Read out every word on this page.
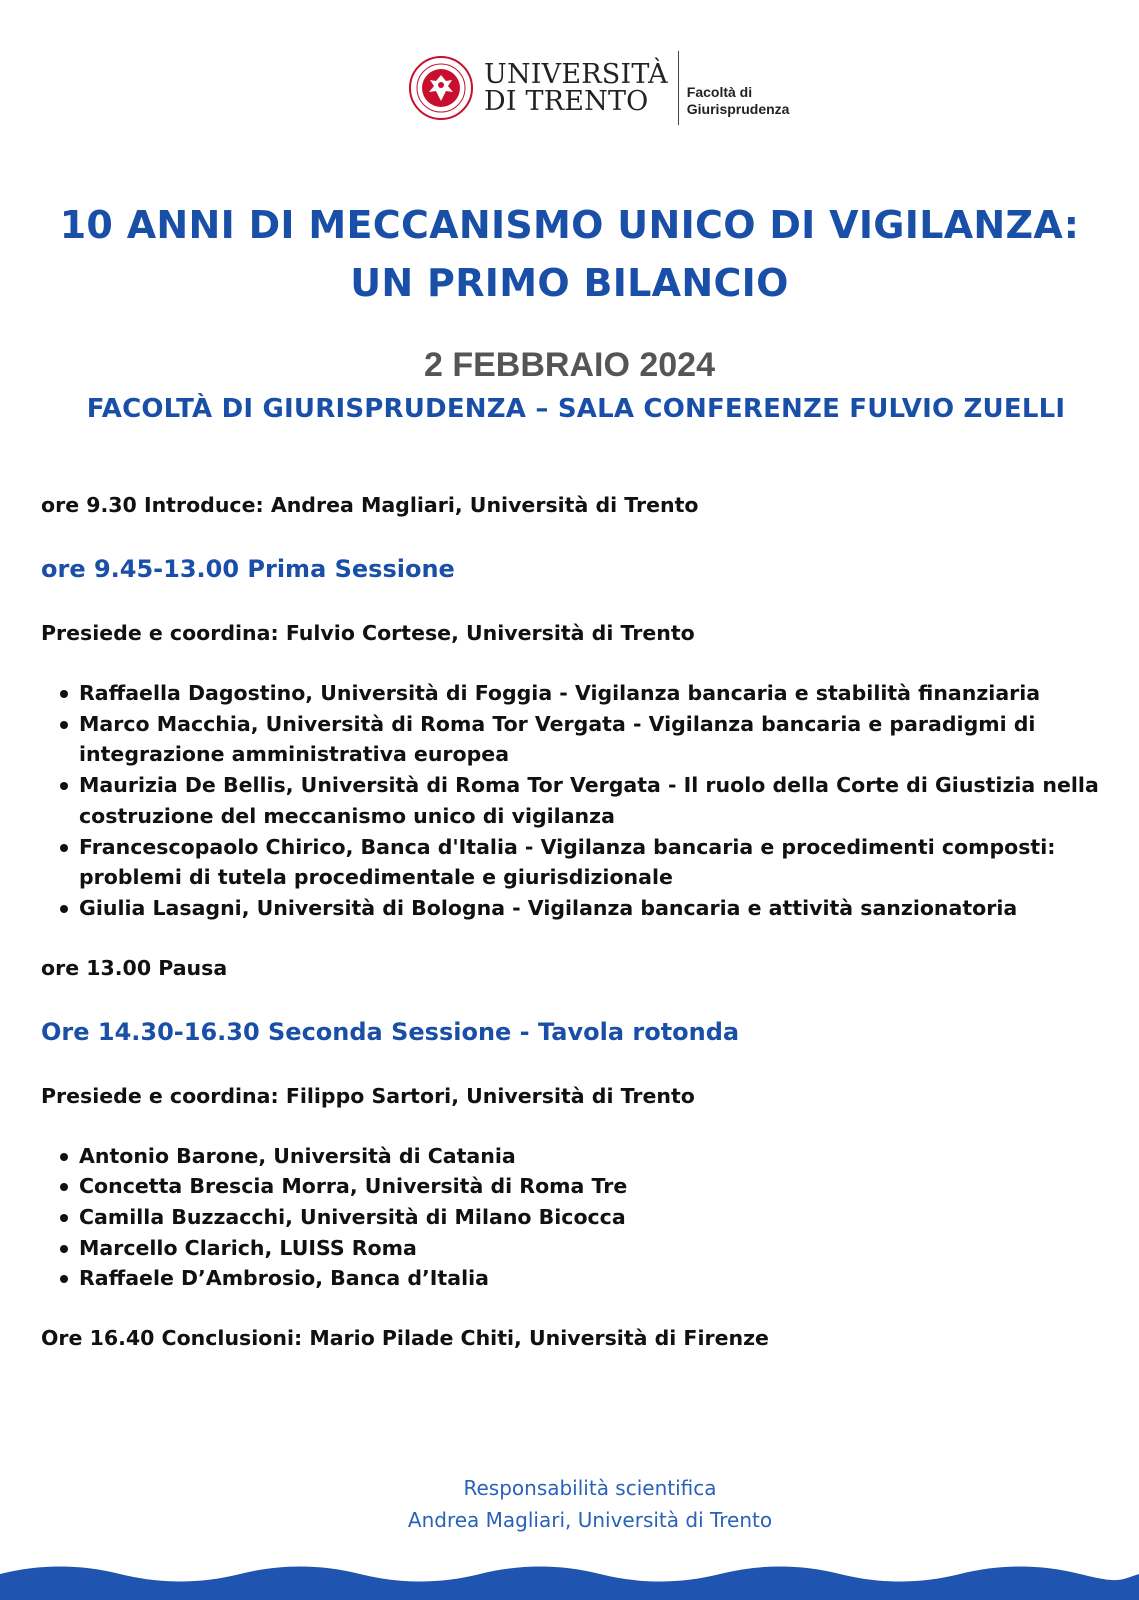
UNIVERSITÀ
DI TRENTO	Facoltà di
Giurisprudenza
10 ANNI DI MECCANISMO UNICO DI VIGILANZA:
UN PRIMO BILANCIO
2 FEBBRAIO 2024
FACOLTÀ DI GIURISPRUDENZA – SALA CONFERENZE FULVIO ZUELLI

ore 9.30 Introduce: Andrea Magliari, Università di Trento

ore 9.45-13.00 Prima Sessione

Presiede e coordina: Fulvio Cortese, Università di Trento

Raffaella Dagostino, Università di Foggia - Vigilanza bancaria e stabilità finanziaria
Marco Macchia, Università di Roma Tor Vergata - Vigilanza bancaria e paradigmi di integrazione amministrativa europea
Maurizia De Bellis, Università di Roma Tor Vergata - Il ruolo della Corte di Giustizia nella costruzione del meccanismo unico di vigilanza
Francescopaolo Chirico, Banca d'Italia - Vigilanza bancaria e procedimenti composti: problemi di tutela procedimentale e giurisdizionale
Giulia Lasagni, Università di Bologna - Vigilanza bancaria e attività sanzionatoria

ore 13.00 Pausa

Ore 14.30-16.30 Seconda Sessione - Tavola rotonda

Presiede e coordina: Filippo Sartori, Università di Trento

Antonio Barone, Università di Catania
Concetta Brescia Morra, Università di Roma Tre
Camilla Buzzacchi, Università di Milano Bicocca
Marcello Clarich, LUISS Roma
Raffaele D’Ambrosio, Banca d’Italia

Ore 16.40 Conclusioni: Mario Pilade Chiti, Università di Firenze

Responsabilità scientifica
Andrea Magliari, Università di Trento
